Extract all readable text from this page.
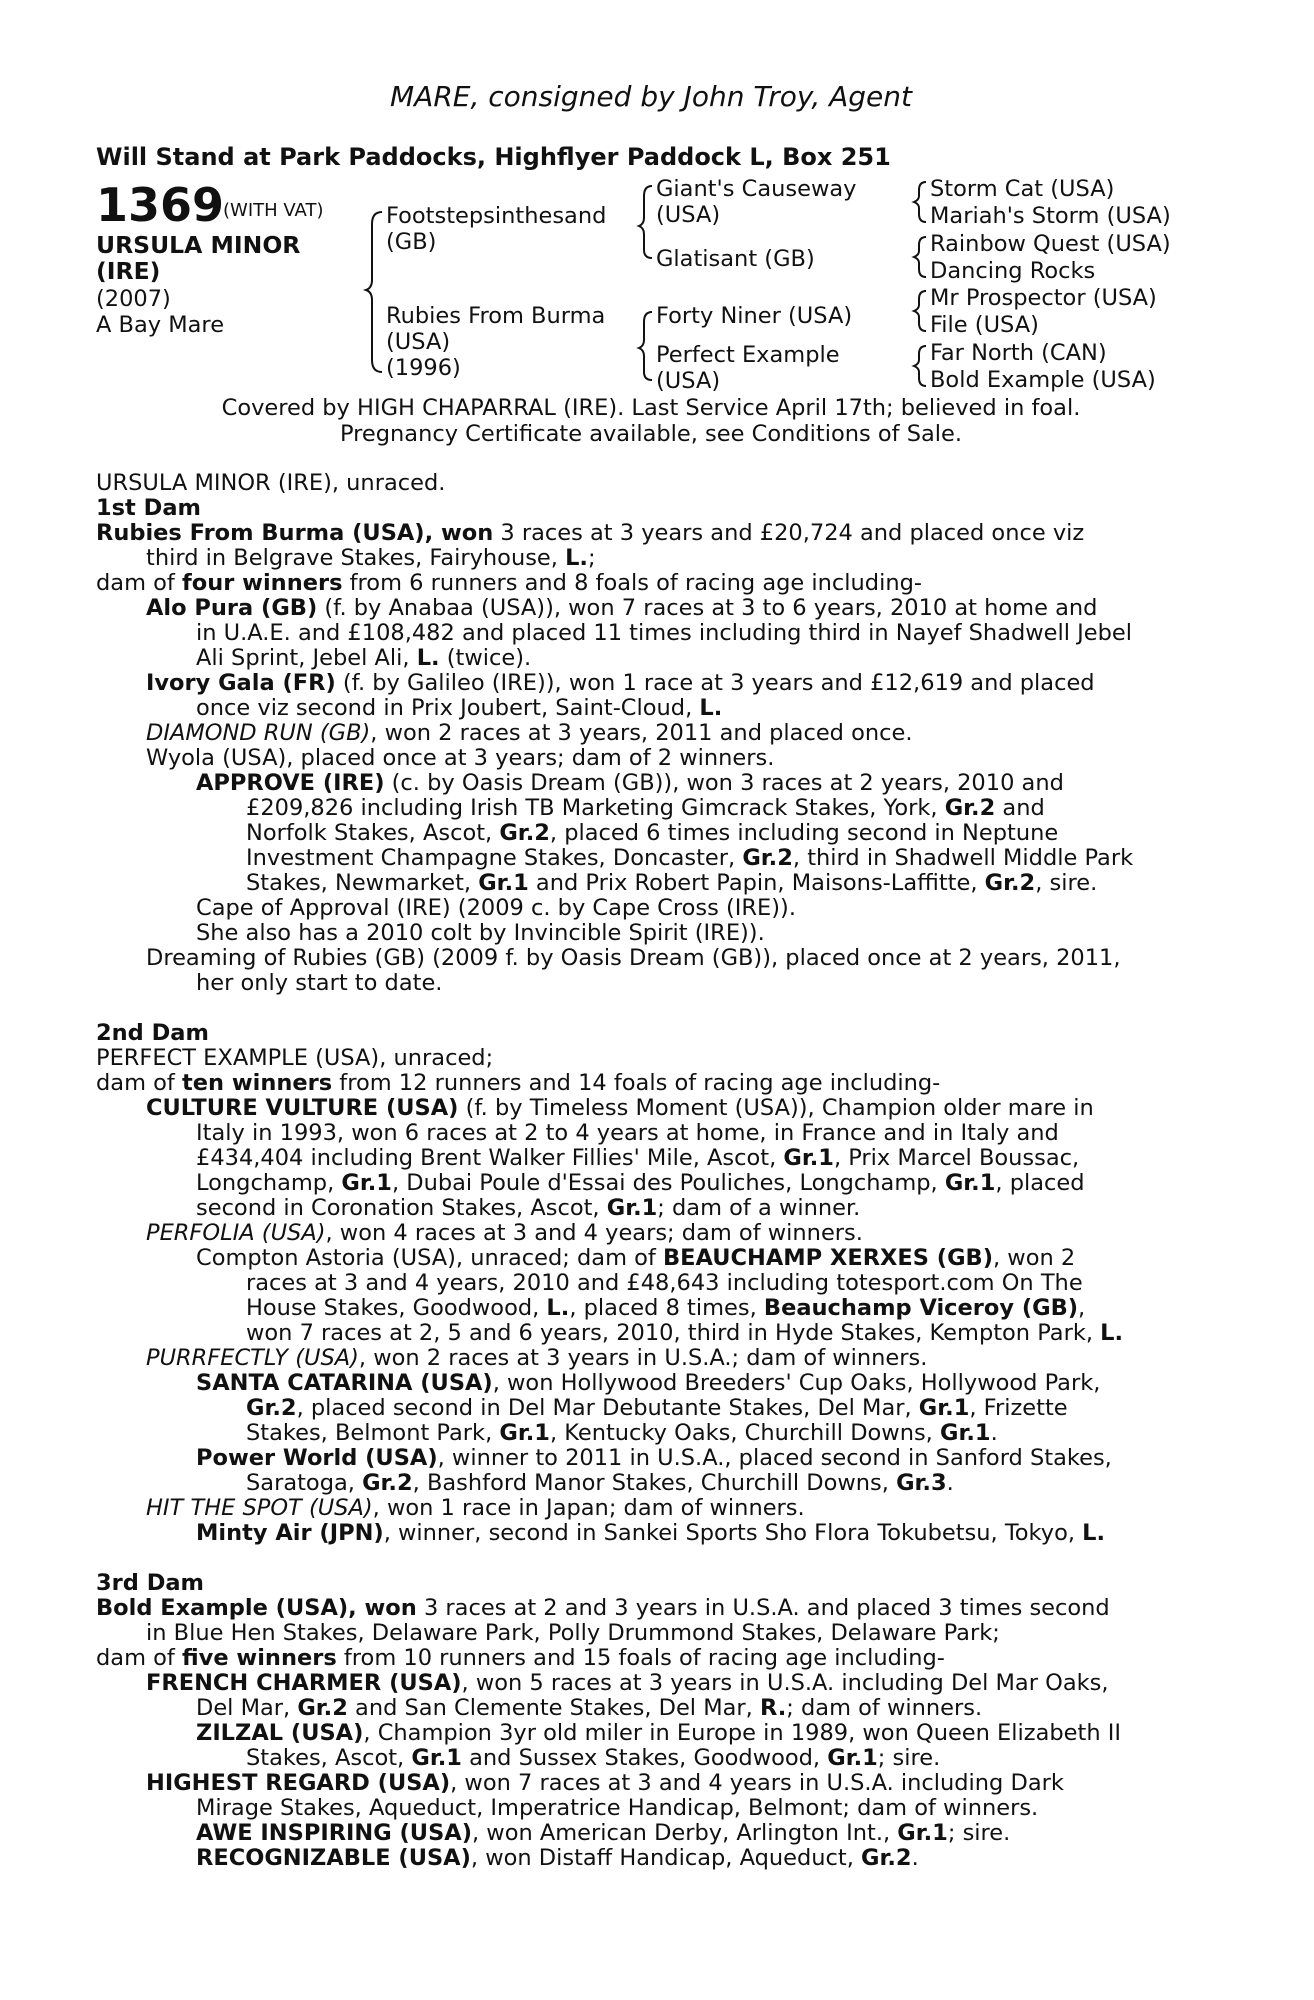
MARE, consigned by John Troy, Agent
Will Stand at Park Paddocks, Highflyer Paddock L, Box 251
1369
(WITH VAT)
URSULA MINOR
(IRE)
(2007)
A Bay Mare
Footstepsinthesand
(GB)
Rubies From Burma
(USA)
(1996)
Giant's Causeway
(USA)
Glatisant (GB)
Forty Niner (USA)
Perfect Example
(USA)
Storm Cat (USA)
Mariah's Storm (USA)
Rainbow Quest (USA)
Dancing Rocks
Mr Prospector (USA)
File (USA)
Far North (CAN)
Bold Example (USA)
Covered by HIGH CHAPARRAL (IRE). Last Service April 17th; believed in foal.
Pregnancy Certificate available, see Conditions of Sale.
URSULA MINOR (IRE), unraced.
1st Dam
Rubies From Burma (USA), won 3 races at 3 years and £20,724 and placed once viz
third in Belgrave Stakes, Fairyhouse, L.;
dam of four winners from 6 runners and 8 foals of racing age including-
Alo Pura (GB) (f. by Anabaa (USA)), won 7 races at 3 to 6 years, 2010 at home and
in U.A.E. and £108,482 and placed 11 times including third in Nayef Shadwell Jebel
Ali Sprint, Jebel Ali, L. (twice).
Ivory Gala (FR) (f. by Galileo (IRE)), won 1 race at 3 years and £12,619 and placed
once viz second in Prix Joubert, Saint-Cloud, L.
DIAMOND RUN (GB), won 2 races at 3 years, 2011 and placed once.
Wyola (USA), placed once at 3 years; dam of 2 winners.
APPROVE (IRE) (c. by Oasis Dream (GB)), won 3 races at 2 years, 2010 and
£209,826 including Irish TB Marketing Gimcrack Stakes, York, Gr.2 and
Norfolk Stakes, Ascot, Gr.2, placed 6 times including second in Neptune
Investment Champagne Stakes, Doncaster, Gr.2, third in Shadwell Middle Park
Stakes, Newmarket, Gr.1 and Prix Robert Papin, Maisons-Laffitte, Gr.2, sire.
Cape of Approval (IRE) (2009 c. by Cape Cross (IRE)).
She also has a 2010 colt by Invincible Spirit (IRE)).
Dreaming of Rubies (GB) (2009 f. by Oasis Dream (GB)), placed once at 2 years, 2011,
her only start to date.
2nd Dam
PERFECT EXAMPLE (USA), unraced;
dam of ten winners from 12 runners and 14 foals of racing age including-
CULTURE VULTURE (USA) (f. by Timeless Moment (USA)), Champion older mare in
Italy in 1993, won 6 races at 2 to 4 years at home, in France and in Italy and
£434,404 including Brent Walker Fillies' Mile, Ascot, Gr.1, Prix Marcel Boussac,
Longchamp, Gr.1, Dubai Poule d'Essai des Pouliches, Longchamp, Gr.1, placed
second in Coronation Stakes, Ascot, Gr.1; dam of a winner.
PERFOLIA (USA), won 4 races at 3 and 4 years; dam of winners.
Compton Astoria (USA), unraced; dam of BEAUCHAMP XERXES (GB), won 2
races at 3 and 4 years, 2010 and £48,643 including totesport.com On The
House Stakes, Goodwood, L., placed 8 times, Beauchamp Viceroy (GB),
won 7 races at 2, 5 and 6 years, 2010, third in Hyde Stakes, Kempton Park, L.
PURRFECTLY (USA), won 2 races at 3 years in U.S.A.; dam of winners.
SANTA CATARINA (USA), won Hollywood Breeders' Cup Oaks, Hollywood Park,
Gr.2, placed second in Del Mar Debutante Stakes, Del Mar, Gr.1, Frizette
Stakes, Belmont Park, Gr.1, Kentucky Oaks, Churchill Downs, Gr.1.
Power World (USA), winner to 2011 in U.S.A., placed second in Sanford Stakes,
Saratoga, Gr.2, Bashford Manor Stakes, Churchill Downs, Gr.3.
HIT THE SPOT (USA), won 1 race in Japan; dam of winners.
Minty Air (JPN), winner, second in Sankei Sports Sho Flora Tokubetsu, Tokyo, L.
3rd Dam
Bold Example (USA), won 3 races at 2 and 3 years in U.S.A. and placed 3 times second
in Blue Hen Stakes, Delaware Park, Polly Drummond Stakes, Delaware Park;
dam of five winners from 10 runners and 15 foals of racing age including-
FRENCH CHARMER (USA), won 5 races at 3 years in U.S.A. including Del Mar Oaks,
Del Mar, Gr.2 and San Clemente Stakes, Del Mar, R.; dam of winners.
ZILZAL (USA), Champion 3yr old miler in Europe in 1989, won Queen Elizabeth II
Stakes, Ascot, Gr.1 and Sussex Stakes, Goodwood, Gr.1; sire.
HIGHEST REGARD (USA), won 7 races at 3 and 4 years in U.S.A. including Dark
Mirage Stakes, Aqueduct, Imperatrice Handicap, Belmont; dam of winners.
AWE INSPIRING (USA), won American Derby, Arlington Int., Gr.1; sire.
RECOGNIZABLE (USA), won Distaff Handicap, Aqueduct, Gr.2.
